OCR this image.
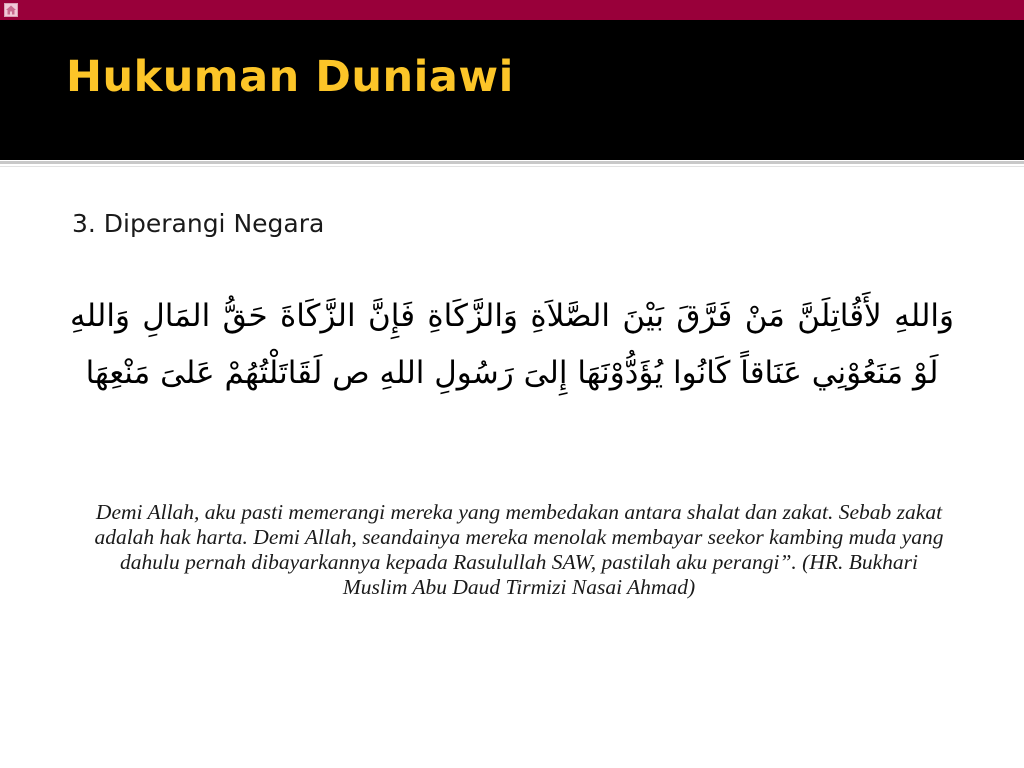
Hukuman Duniawi
3. Diperangi Negara
وَاللهِ لأَقُاتِلَنَّ مَنْ فَرَّقَ بَيْنَ الصَّلاَةِ وَالزَّكَاةِ فَإِنَّ الزَّكَاةَ حَقُّ المَالِ وَاللهِ لَوْ مَنَعُوْنِي عَنَاقاً كَانُوا يُؤَدُّوْنَهَا إِلىَ رَسُولِ اللهِ ص لَقَاتَلْتُهُمْ عَلىَ مَنْعِهَا
Demi Allah, aku pasti memerangi mereka yang membedakan antara shalat dan zakat. Sebab zakat adalah hak harta. Demi Allah, seandainya mereka menolak membayar seekor kambing muda yang dahulu pernah dibayarkannya kepada Rasulullah SAW, pastilah aku perangi”. (HR. Bukhari Muslim Abu Daud Tirmizi Nasai Ahmad)
